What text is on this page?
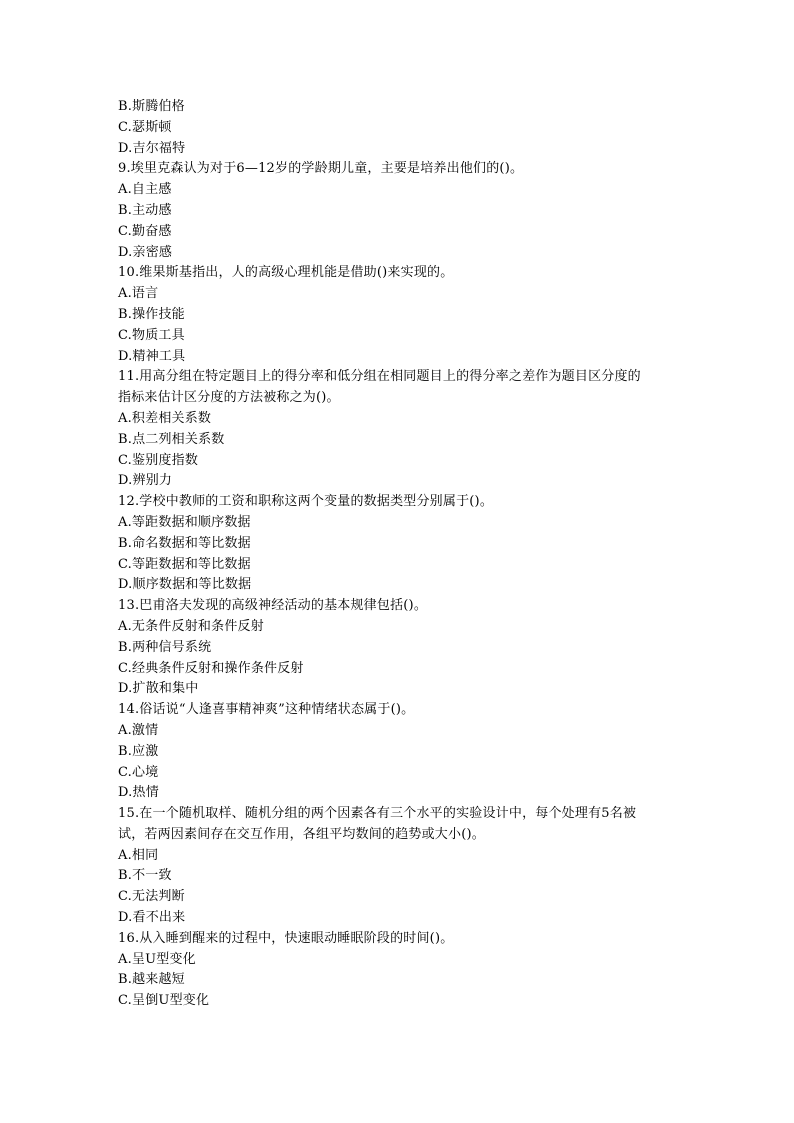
B.斯腾伯格
C.瑟斯顿
D.吉尔福特
9.埃里克森认为对于6—12岁的学龄期儿童，主要是培养出他们的()。
A.自主感
B.主动感
C.勤奋感
D.亲密感
10.维果斯基指出，人的高级心理机能是借助()来实现的。
A.语言
B.操作技能
C.物质工具
D.精神工具
11.用高分组在特定题目上的得分率和低分组在相同题目上的得分率之差作为题目区分度的
指标来估计区分度的方法被称之为()。
A.积差相关系数
B.点二列相关系数
C.鉴别度指数
D.辨别力
12.学校中教师的工资和职称这两个变量的数据类型分别属于()。
A.等距数据和顺序数据
B.命名数据和等比数据
C.等距数据和等比数据
D.顺序数据和等比数据
13.巴甫洛夫发现的高级神经活动的基本规律包括()。
A.无条件反射和条件反射
B.两种信号系统
C.经典条件反射和操作条件反射
D.扩散和集中
14.俗话说“人逢喜事精神爽”这种情绪状态属于()。
A.激情
B.应激
C.心境
D.热情
15.在一个随机取样、随机分组的两个因素各有三个水平的实验设计中，每个处理有5名被
试，若两因素间存在交互作用，各组平均数间的趋势或大小()。
A.相同
B.不一致
C.无法判断
D.看不出来
16.从入睡到醒来的过程中，快速眼动睡眠阶段的时间()。
A.呈U型变化
B.越来越短
C.呈倒U型变化
